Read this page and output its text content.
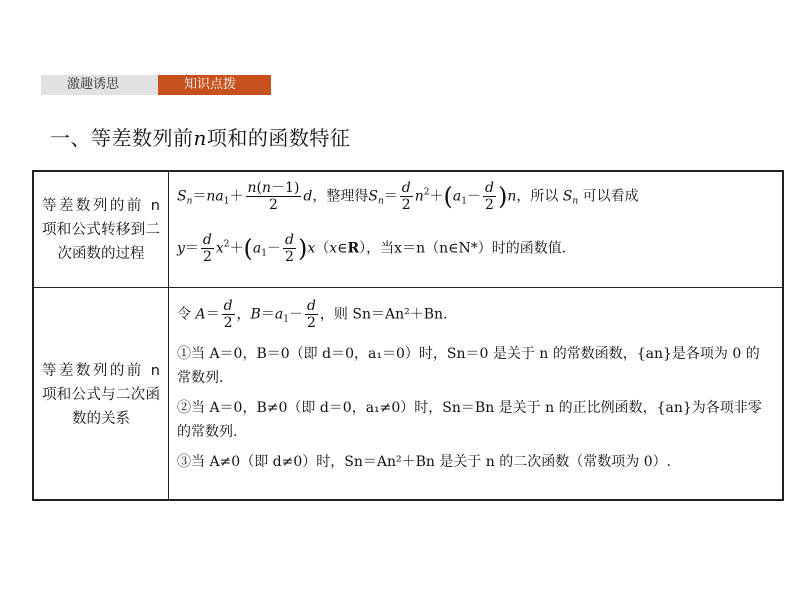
激趣诱思	知识点拨
一、等差数列前n项和的函数特征
等差数列的前 n 项和公式转移到二次函数的过程
$S_n=na_1+ \frac{n(n-1)}{2}$ d，整理得$S_n= \frac{d}{2} n^2+(a_1- \frac{d}{2} )n$，所以 $S_n$ 可以看成
$y= \frac{d}{2} x^2+(a_1- \frac{d}{2}$ )x（x∈R），当x＝n（n∈N*）时的函数值.
等差数列的前 n 项和公式与二次函数的关系
令 $A= \frac{d}{2}$ ，$B=a_1- \frac{d}{2}$ ，则 Sn＝An²＋Bn.
①当 A＝0，B＝0（即 d＝0，a₁＝0）时，Sn＝0 是关于 n 的常数函数，{an}是各项为 0 的常数列.
②当 A＝0，B≠0（即 d＝0，a₁≠0）时，Sn＝Bn 是关于 n 的正比例函数，{an}为各项非零的常数列.
③当 A≠0（即 d≠0）时，Sn＝An²＋Bn 是关于 n 的二次函数（常数项为 0）.
